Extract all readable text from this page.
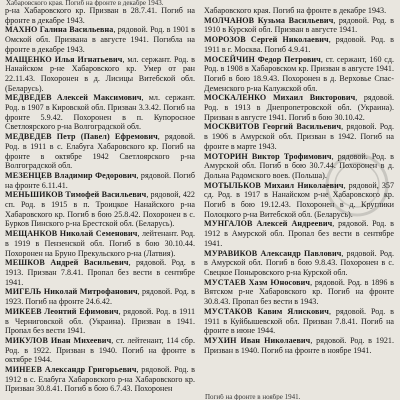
Хабаровского края. Погиб на фронте в декабре 1943.

р-на Хабаровского кр. Призван в 28.7.41. Погиб на фронте в декабре 1943.

МАХНО Галина Васильевна, рядовой. Род. в 1901 в Омской обл. Призвана в августе 1941. Погибла на фронте в декабре 1943.

МАЩЕНКО Илья Игнатьевич, мл. сержант. Род. в Нанайском р-не Хабаровского кр. Умер от ран 22.11.43. Похоронен в д. Лисицы Витебской обл. (Беларусь).

МЕДВЕДЕВ Алексей Максимович, мл. сержант. Род. в 1907 в Кировской обл. Призван 3.3.42. Погиб на фронте 5.9.42. Похоронен в п. Купоросное Светлоярского р-на Волгоградской обл.

МЕДВЕДЕВ Петр (Павел) Ефремович, рядовой. Род. в 1911 в с. Елабуга Хабаровского кр. Погиб на фронте в октябре 1942 Светлоярского р-на Волгоградской обл.

МЕЗЕНЦЕВ Владимир Федорович, рядовой. Погиб на фронте 6.11.41.

МЕНЬШИКОВ Тимофей Васильевич, рядовой, 422 сп. Род. в 1915 в п. Троицкое Нанайского р-на Хабаровского кр. Погиб в бою 25.8.42. Похоронен в с. Бурков Пинского р-на Брестской обл. (Беларусь).

МЕЩАНКОВ Николай Семенович, лейтенант. Род. в 1919 в Пензенской обл. Погиб в бою 30.10.44. Похоронен на Бруно Прекульского р-на (Латвия).

МЕШКОВ Андрей Васильевич, рядовой. Род. в 1913. Призван 7.8.41. Пропал без вести в сентябре 1941.

МИГЕЛЬ Николай Митрофанович, рядовой. Род. в 1923. Погиб на фронте 24.6.42.

МИКЕЕВ Леонтий Ефимович, рядовой. Род. в 1911 в Черниговской обл. (Украина). Призван в 1941. Пропал без вести 1941.

МИКУЛОВ Иван Михеевич, ст. лейтенант, 114 сбр. Род. в 1922. Призван в 1940. Погиб на фронте в октябре 1944.

МИНЕЕВ Александр Григорьевич, рядовой. Род. в 1912 в с. Елабуга Хабаровского р-на Хабаровского кр. Призван 30.8.41. Погиб в бою 6.7.43. Похоронен

Хабаровского края. Погиб на фронте в декабре 1943.

МОЛЧАНОВ Кузьма Васильевич, рядовой. Род. в 1910 в Курской обл. Призван в августе 1941.

МОРОЗОВ Сергей Николаевич, рядовой. Род. в 1911 в г. Москва. Погиб 4.9.41.

МОСЕЙЧИН Федор Петрович, ст. сержант, 160 сд. Род. в 1908 в Хабаровском кр. Призван в августе 1941. Погиб в бою 18.9.43. Похоронен в д. Верховье Спас-Деменского р-на Калужской обл.

МОСКАЛЕНКО Михаил Викторович, рядовой. Род. в 1913 в Днепропетровской обл. (Украина). Призван в августе 1941. Погиб в бою 30.10.42.

МОСКВИТОВ Георгий Васильевич, рядовой. Род. в 1906 в Амурской обл. Призван в 1942. Погиб на фронте в марте 1943.

МОТОРИН Виктор Трофимович, рядовой. Род. в Амурской обл. Погиб в бою 30.7.44. Похоронен в д. Дольна Радомского воев. (Польша).

МОТЫЛЬКОВ Михаил Николаевич, рядовой, 357 сд. Род. в 1917 в Нанайском р-не Хабаровского кр. Погиб в бою 19.12.43. Похоронен в д. Круглики Полоцкого р-на Витебской обл. (Беларусь).

МУНГАЛОВ Алексей Андреевич, рядовой. Род. в 1912 в Амурской обл. Пропал без вести в сентябре 1941.

МУРАВИКОВ Александр Павлович, рядовой. Род. в Амурской обл. Погиб в бою 9.8.43. Похоронен в с. Свецкое Поныровского р-на Курской обл.

МУСТАЕВ Хазм Юносович, рядовой. Род. в 1896 в Вятском р-не Хабаровского кр. Погиб на фронте 30.8.43. Пропал без вести в 1943.

МУСТАКОВ Кавим Ялискович, рядовой. Род. в 1911 в Куйбышевской обл. Призван 7.8.41. Погиб на фронте в июне 1944.

МУХИН Иван Николаевич, рядовой. Род. в 1921. Призван в 1940. Погиб на фронте в ноябре 1941.

Погиб на фронте в ноябре 1941.
